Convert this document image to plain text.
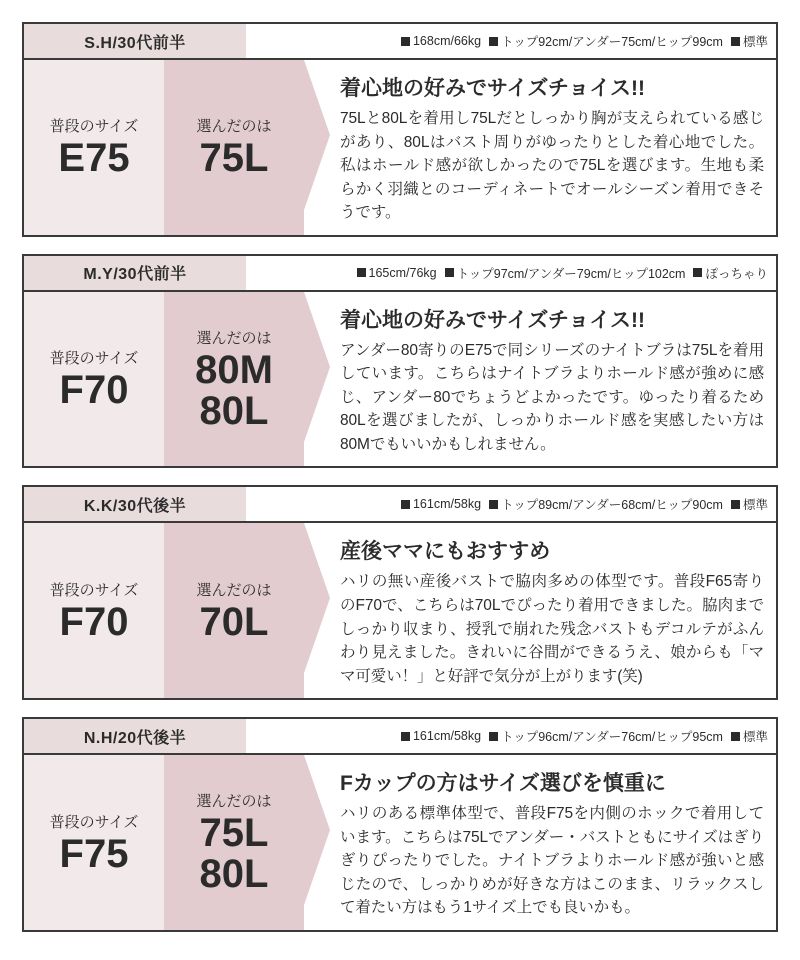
S.H/30代前半	168cm/66kg トップ92cm/アンダー75cm/ヒップ99cm 標準
普段のサイズ
E75
選んだのは
75L
着心地の好みでサイズチョイス!!
75Lと80Lを着用し75Lだとしっかり胸が支えられている感じがあり、80Lはバスト周りがゆったりとした着心地でした。私はホールド感が欲しかったので75Lを選びます。生地も柔らかく羽織とのコーディネートでオールシーズン着用できそうです。
M.Y/30代前半	165cm/76kg トップ97cm/アンダー79cm/ヒップ102cm ぽっちゃり
普段のサイズ
F70
選んだのは
80M
80L
着心地の好みでサイズチョイス!!
アンダー80寄りのE75で同シリーズのナイトブラは75Lを着用しています。こちらはナイトブラよりホールド感が強めに感じ、アンダー80でちょうどよかったです。ゆったり着るため80Lを選びましたが、しっかりホールド感を実感したい方は80Mでもいいかもしれません。
K.K/30代後半	161cm/58kg トップ89cm/アンダー68cm/ヒップ90cm 標準
普段のサイズ
F70
選んだのは
70L
産後ママにもおすすめ
ハリの無い産後バストで脇肉多めの体型です。普段F65寄りのF70で、こちらは70Lでぴったり着用できました。脇肉までしっかり収まり、授乳で崩れた残念バストもデコルテがふんわり見えました。きれいに谷間ができるうえ、娘からも「ママ可愛い！」と好評で気分が上がります(笑)
N.H/20代後半	161cm/58kg トップ96cm/アンダー76cm/ヒップ95cm 標準
普段のサイズ
F75
選んだのは
75L
80L
Fカップの方はサイズ選びを慎重に
ハリのある標準体型で、普段F75を内側のホックで着用しています。こちらは75Lでアンダー・バストともにサイズはぎりぎりぴったりでした。ナイトブラよりホールド感が強いと感じたので、しっかりめが好きな方はこのまま、リラックスして着たい方はもう1サイズ上でも良いかも。
